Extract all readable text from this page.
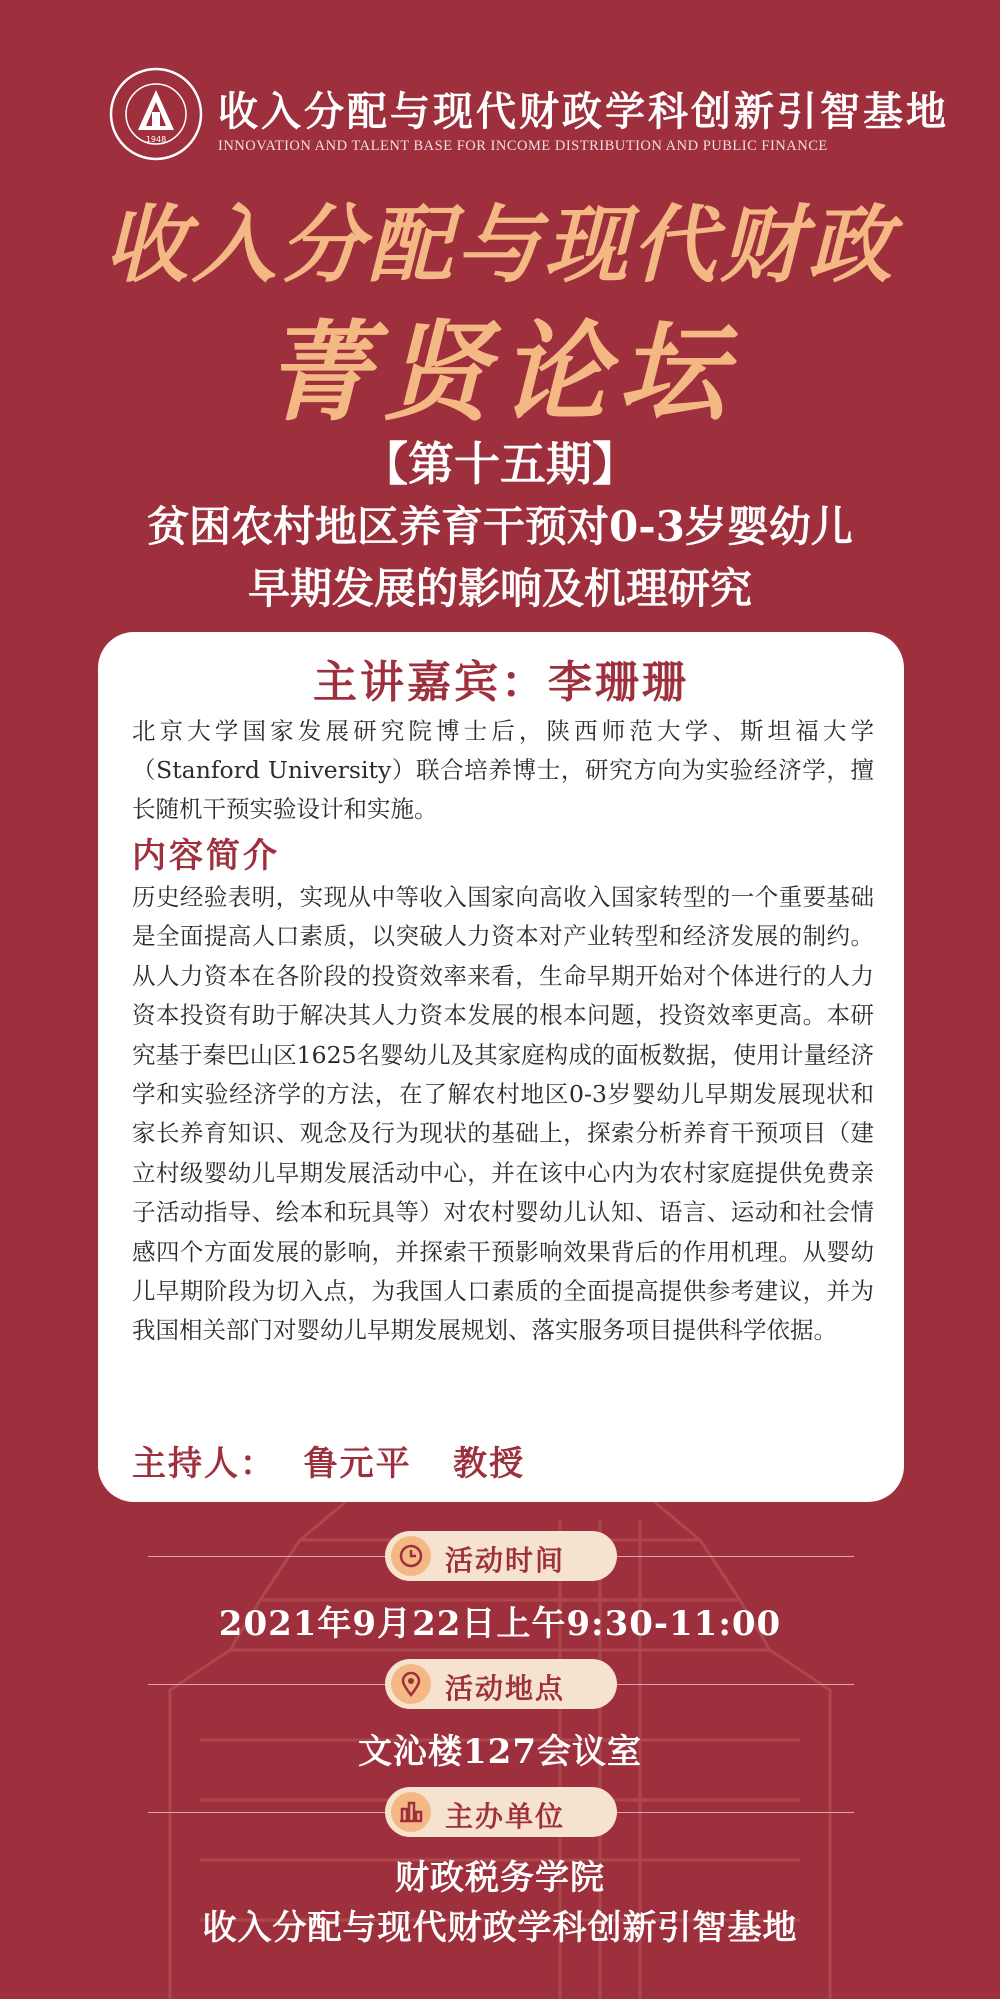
1948
收入分配与现代财政学科创新引智基地
INNOVATION AND TALENT BASE FOR INCOME DISTRIBUTION AND PUBLIC FINANCE
收入分配与现代财政
菁贤论坛
【第十五期】
贫困农村地区养育干预对0-3岁婴幼儿
早期发展的影响及机理研究
主讲嘉宾：李珊珊
北京大学国家发展研究院博士后，陕西师范大学、斯坦福大学（Stanford University）联合培养博士，研究方向为实验经济学，擅长随机干预实验设计和实施。
内容简介
历史经验表明，实现从中等收入国家向高收入国家转型的一个重要基础是全面提高人口素质，以突破人力资本对产业转型和经济发展的制约。从人力资本在各阶段的投资效率来看，生命早期开始对个体进行的人力资本投资有助于解决其人力资本发展的根本问题，投资效率更高。本研究基于秦巴山区1625名婴幼儿及其家庭构成的面板数据，使用计量经济学和实验经济学的方法，在了解农村地区0-3岁婴幼儿早期发展现状和家长养育知识、观念及行为现状的基础上，探索分析养育干预项目（建立村级婴幼儿早期发展活动中心，并在该中心内为农村家庭提供免费亲子活动指导、绘本和玩具等）对农村婴幼儿认知、语言、运动和社会情感四个方面发展的影响，并探索干预影响效果背后的作用机理。从婴幼儿早期阶段为切入点，为我国人口素质的全面提高提供参考建议，并为我国相关部门对婴幼儿早期发展规划、落实服务项目提供科学依据。
主持人：  鲁元平   教授
活动时间
2021年9月22日上午9:30-11:00
活动地点
文沁楼127会议室
主办单位
财政税务学院
收入分配与现代财政学科创新引智基地
